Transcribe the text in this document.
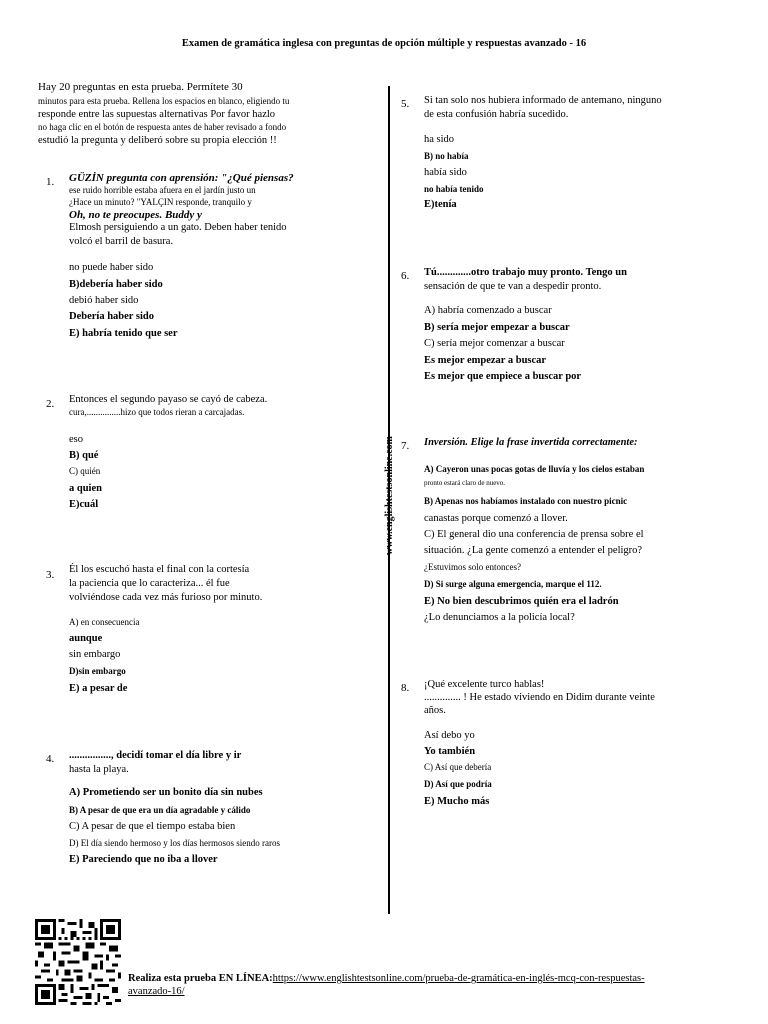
Examen de gramática inglesa con preguntas de opción múltiple y respuestas avanzado - 16
Hay 20 preguntas en esta prueba. Permítete 30
minutos para esta prueba. Rellena los espacios en blanco, eligiendo tu
responde entre las supuestas alternativas Por favor hazlo
no haga clic en el botón de respuesta antes de haber revisado a fondo
estudió la pregunta y deliberó sobre su propia elección !!
1. GÜZİN pregunta con aprensión: "¿Qué piensas?
ese ruido horrible estaba afuera en el jardín justo un
¿Hace un minuto? "YALÇIN responde, tranquilo y
Oh, no te preocupes. Buddy y
Elmosh persiguiendo a un gato. Deben haber tenido
volcó el barril de basura.
no puede haber sido
B)debería haber sido
debió haber sido
Debería haber sido
E) habría tenido que ser
2. Entonces el segundo payaso se cayó de cabeza.
cura,...............hizo que todos rieran a carcajadas.
eso
B) qué
C) quién
a quien
E)cuál
3. Él los escuchó hasta el final con la cortesía
la paciencia que lo caracteriza... él fue
volviéndose cada vez más furioso por minuto.
A) en consecuencia
aunque
sin embargo
D)sin embargo
E) a pesar de
4. ................, decidí tomar el día libre y ir
hasta la playa.
A) Prometiendo ser un bonito día sin nubes
B) A pesar de que era un día agradable y cálido
C) A pesar de que el tiempo estaba bien
D) El día siendo hermoso y los días hermosos siendo raros
E) Pareciendo que no iba a llover
www.englishtestsonline.com
5. Si tan solo nos hubiera informado de antemano, ninguno
de esta confusión habría sucedido.
ha sido
B) no había
había sido
no había tenido
E)tenía
6. Tú.............otro trabajo muy pronto. Tengo un
sensación de que te van a despedir pronto.
A) habría comenzado a buscar
B) sería mejor empezar a buscar
C) sería mejor comenzar a buscar
Es mejor empezar a buscar
Es mejor que empiece a buscar por
7. Inversión. Elige la frase invertida correctamente:
A) Cayeron unas pocas gotas de lluvia y los cielos estaban
pronto estará claro de nuevo.
B) Apenas nos habíamos instalado con nuestro picnic
canastas porque comenzó a llover.
C) El general dio una conferencia de prensa sobre el
situación. ¿La gente comenzó a entender el peligro?
¿Estuvimos solo entonces?
D) Si surge alguna emergencia, marque el 112.
E) No bien descubrimos quién era el ladrón
¿Lo denunciamos a la policía local?
8. ¡Qué excelente turco hablas!
.............. ! He estado viviendo en Didim durante veinte
años.
Así debo yo
Yo también
C) Así que debería
D) Así que podría
E) Mucho más
Realiza esta prueba EN LÍNEA:https://www.englishtestsonline.com/prueba-de-gramática-en-inglés-mcq-con-respuestas-
avanzado-16/
